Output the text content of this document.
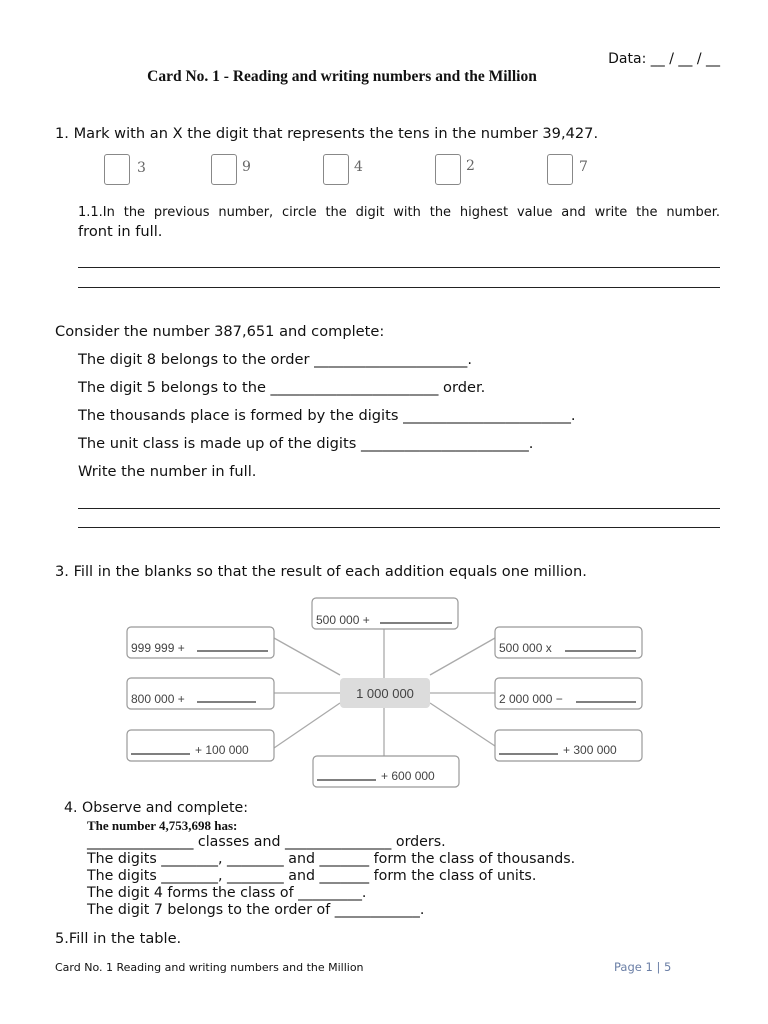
Data: __ / __ / __
Card No. 1 - Reading and writing numbers and the Million
1. Mark with an X the digit that represents the tens in the number 39,427.
3	9	4	2	7
1.1.In the previous number, circle the digit with the highest value and write the number.
front in full.
Consider the number 387,651 and complete:
The digit 8 belongs to the order _____________________.
The digit 5 belongs to the _______________________ order.
The thousands place is formed by the digits _______________________.
The unit class is made up of the digits _______________________.
Write the number in full.
3. Fill in the blanks so that the result of each addition equals one million.
1 000 000
500 000 +
999 999 +
800 000 +
+ 100 000
500 000 x
2 000 000 −
+ 300 000
+ 600 000
4. Observe and complete:
The number 4,753,698 has:
_______________ classes and _______________ orders.
The digits ________, ________ and _______ form the class of thousands.
The digits ________, ________ and _______ form the class of units.
The digit 4 forms the class of _________.
The digit 7 belongs to the order of ____________.
5.Fill in the table.
Card No. 1 Reading and writing numbers and the Million	Page 1 | 5
